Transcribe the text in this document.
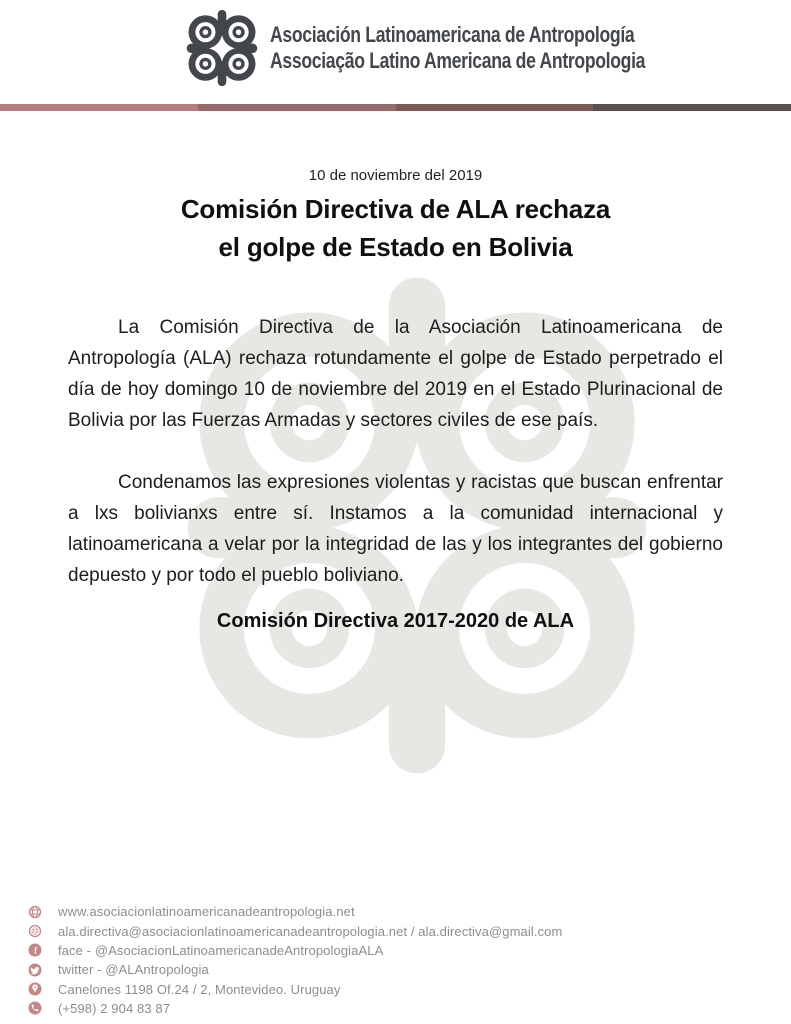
Asociación Latinoamericana de Antropología
Associação Latino Americana de Antropologia
10 de noviembre del 2019
Comisión Directiva de ALA rechaza
el golpe de Estado en Bolivia

La Comisión Directiva de la Asociación Latinoamericana de Antropología (ALA) rechaza rotundamente el golpe de Estado perpetrado el día de hoy domingo 10 de noviembre del 2019 en el Estado Plurinacional de Bolivia por las Fuerzas Armadas y sectores civiles de ese país.

Condenamos las expresiones violentas y racistas que buscan enfrentar a lxs bolivianxs entre sí. Instamos a la comunidad internacional y latinoamericana a velar por la integridad de las y los integrantes del gobierno depuesto y por todo el pueblo boliviano.

Comisión Directiva 2017-2020 de ALA
www.asociacionlatinoamericanadeantropologia.net
@ ala.directiva@asociacionlatinoamericanadeantropologia.net / ala.directiva@gmail.com
f face - @AsociacionLatinoamericanadeAntropologiaALA
twitter - @ALAntropologia
Canelones 1198 Of.24 / 2, Montevideo. Uruguay
(+598) 2 904 83 87
